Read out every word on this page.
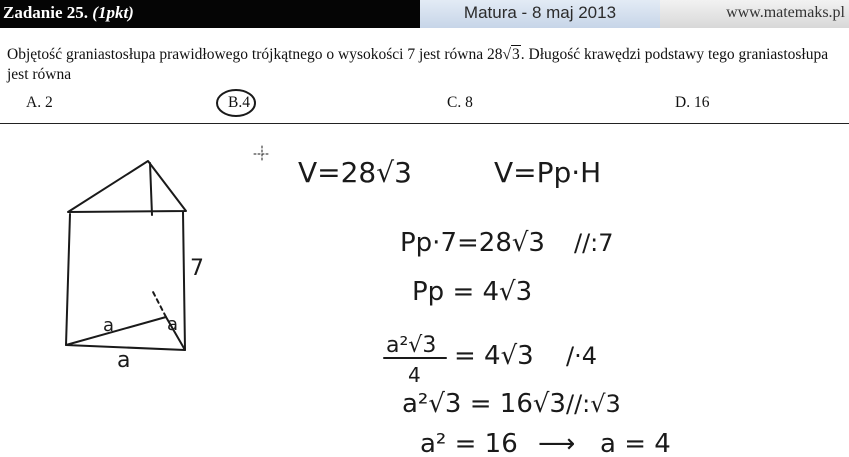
Zadanie 25. (1pkt)	Matura - 8 maj 2013	www.matemaks.pl
Objętość graniastosłupa prawidłowego trójkątnego o wysokości 7 jest równa 28√3. Długość krawędzi podstawy tego graniastosłupa jest równa
A. 2	B.4	C. 8	D. 16
7
a	a
a
V=28√3	V=Pp·H
Pp·7=28√3 //:7
Pp = 4√3
a²√3
4
= 4√3 /·4
a²√3 = 16√3 //:√3
a² = 16 ⟶ a = 4
